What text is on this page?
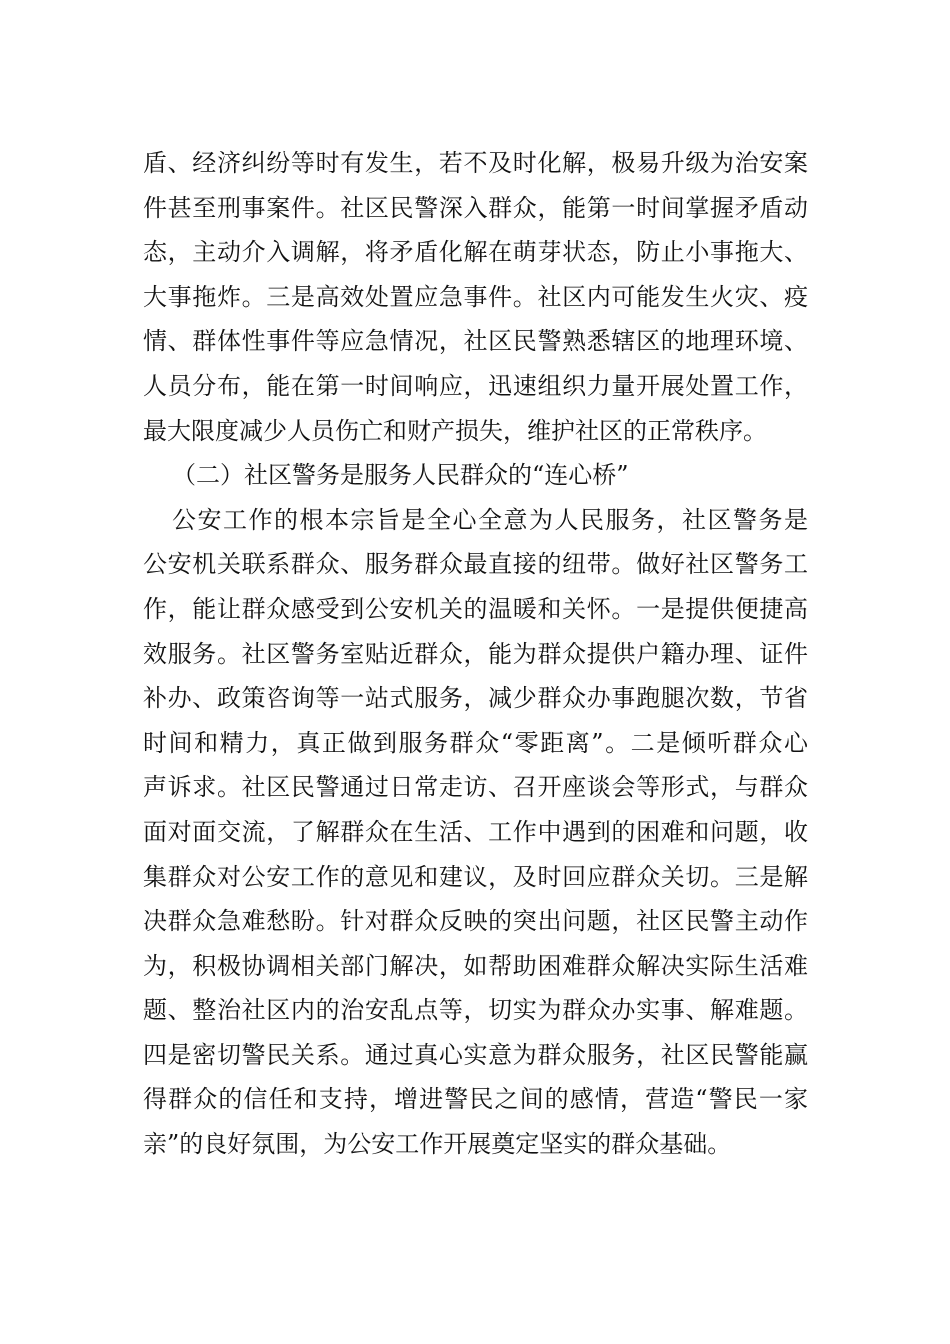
盾、经济纠纷等时有发生，若不及时化解，极易升级为治安案
件甚至刑事案件。社区民警深入群众，能第一时间掌握矛盾动
态，主动介入调解，将矛盾化解在萌芽状态，防止小事拖大、
大事拖炸。三是高效处置应急事件。社区内可能发生火灾、疫
情、群体性事件等应急情况，社区民警熟悉辖区的地理环境、
人员分布，能在第一时间响应，迅速组织力量开展处置工作，
最大限度减少人员伤亡和财产损失，维护社区的正常秩序。
（二）社区警务是服务人民群众的“连心桥”
公安工作的根本宗旨是全心全意为人民服务，社区警务是
公安机关联系群众、服务群众最直接的纽带。做好社区警务工
作，能让群众感受到公安机关的温暖和关怀。一是提供便捷高
效服务。社区警务室贴近群众，能为群众提供户籍办理、证件
补办、政策咨询等一站式服务，减少群众办事跑腿次数，节省
时间和精力，真正做到服务群众“零距离”。二是倾听群众心
声诉求。社区民警通过日常走访、召开座谈会等形式，与群众
面对面交流，了解群众在生活、工作中遇到的困难和问题，收
集群众对公安工作的意见和建议，及时回应群众关切。三是解
决群众急难愁盼。针对群众反映的突出问题，社区民警主动作
为，积极协调相关部门解决，如帮助困难群众解决实际生活难
题、整治社区内的治安乱点等，切实为群众办实事、解难题。
四是密切警民关系。通过真心实意为群众服务，社区民警能赢
得群众的信任和支持，增进警民之间的感情，营造“警民一家
亲”的良好氛围，为公安工作开展奠定坚实的群众基础。
